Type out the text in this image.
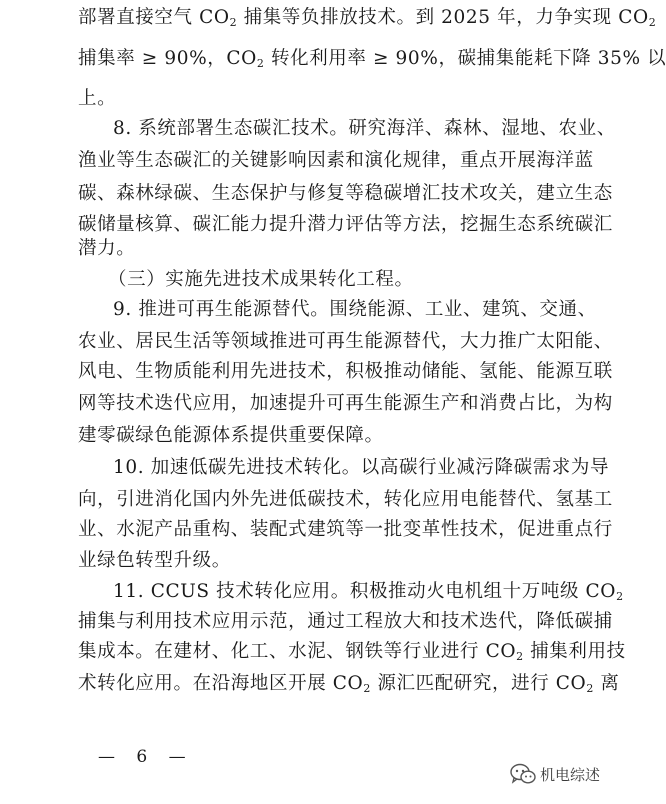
部署直接空气 $CO_2$ 捕集等负排放技术。到 2025 年，力争实现 $CO_2$
捕集率 ≥ 90%，$CO_2$ 转化利用率 ≥ 90%，碳捕集能耗下降 35% 以
上。
8. 系统部署生态碳汇技术。研究海洋、森林、湿地、农业、
渔业等生态碳汇的关键影响因素和演化规律，重点开展海洋蓝
碳、森林绿碳、生态保护与修复等稳碳增汇技术攻关，建立生态
碳储量核算、碳汇能力提升潜力评估等方法，挖掘生态系统碳汇
潜力。
（三）实施先进技术成果转化工程。
9. 推进可再生能源替代。围绕能源、工业、建筑、交通、
农业、居民生活等领域推进可再生能源替代，大力推广太阳能、
风电、生物质能利用先进技术，积极推动储能、氢能、能源互联
网等技术迭代应用，加速提升可再生能源生产和消费占比，为构
建零碳绿色能源体系提供重要保障。
10. 加速低碳先进技术转化。以高碳行业减污降碳需求为导
向，引进消化国内外先进低碳技术，转化应用电能替代、氢基工
业、水泥产品重构、装配式建筑等一批变革性技术，促进重点行
业绿色转型升级。
11. CCUS 技术转化应用。积极推动火电机组十万吨级 $CO_2$
捕集与利用技术应用示范，通过工程放大和技术迭代，降低碳捕
集成本。在建材、化工、水泥、钢铁等行业进行 $CO_2$ 捕集利用技
术转化应用。在沿海地区开展 $CO_2$ 源汇匹配研究，进行 $CO_2$ 离
— 6 —
机电综述
